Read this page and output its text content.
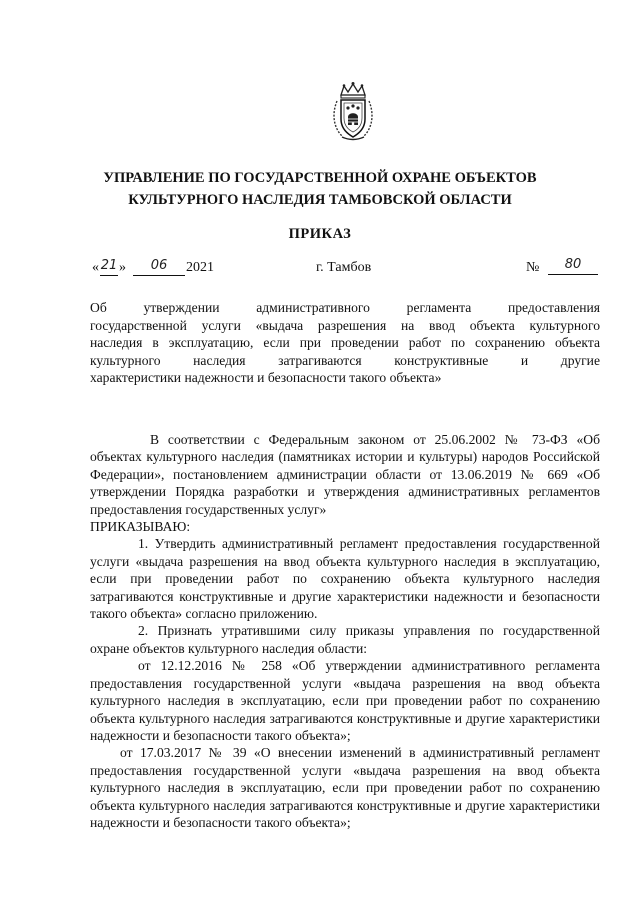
УПРАВЛЕНИЕ ПО ГОСУДАРСТВЕННОЙ ОХРАНЕ ОБЪЕКТОВ
КУЛЬТУРНОГО НАСЛЕДИЯ ТАМБОВСКОЙ ОБЛАСТИ
ПРИКАЗ
« 21 »	06	2021	г. Тамбов	№	80
Об утверждении административного регламента предоставления
государственной услуги «выдача разрешения на ввод объекта культурного
наследия в эксплуатацию, если при проведении работ по сохранению объекта
культурного наследия затрагиваются конструктивные и другие
характеристики надежности и безопасности такого объекта»

В соответствии с Федеральным законом от 25.06.2002 № 73-ФЗ «Об объектах культурного наследия (памятниках истории и культуры) народов Российской Федерации», постановлением администрации области от 13.06.2019 № 669 «Об утверждении Порядка разработки и утверждения административных регламентов предоставления государственных услуг»

ПРИКАЗЫВАЮ:

1. Утвердить административный регламент предоставления государственной услуги «выдача разрешения на ввод объекта культурного наследия в эксплуатацию, если при проведении работ по сохранению объекта культурного наследия затрагиваются конструктивные и другие характеристики надежности и безопасности такого объекта» согласно приложению.

2. Признать утратившими силу приказы управления по государственной охране объектов культурного наследия области:

от 12.12.2016 № 258 «Об утверждении административного регламента предоставления государственной услуги «выдача разрешения на ввод объекта культурного наследия в эксплуатацию, если при проведении работ по сохранению объекта культурного наследия затрагиваются конструктивные и другие характеристики надежности и безопасности такого объекта»;

от 17.03.2017 № 39 «О внесении изменений в административный регламент предоставления государственной услуги «выдача разрешения на ввод объекта культурного наследия в эксплуатацию, если при проведении работ по сохранению объекта культурного наследия затрагиваются конструктивные и другие характеристики надежности и безопасности такого объекта»;
